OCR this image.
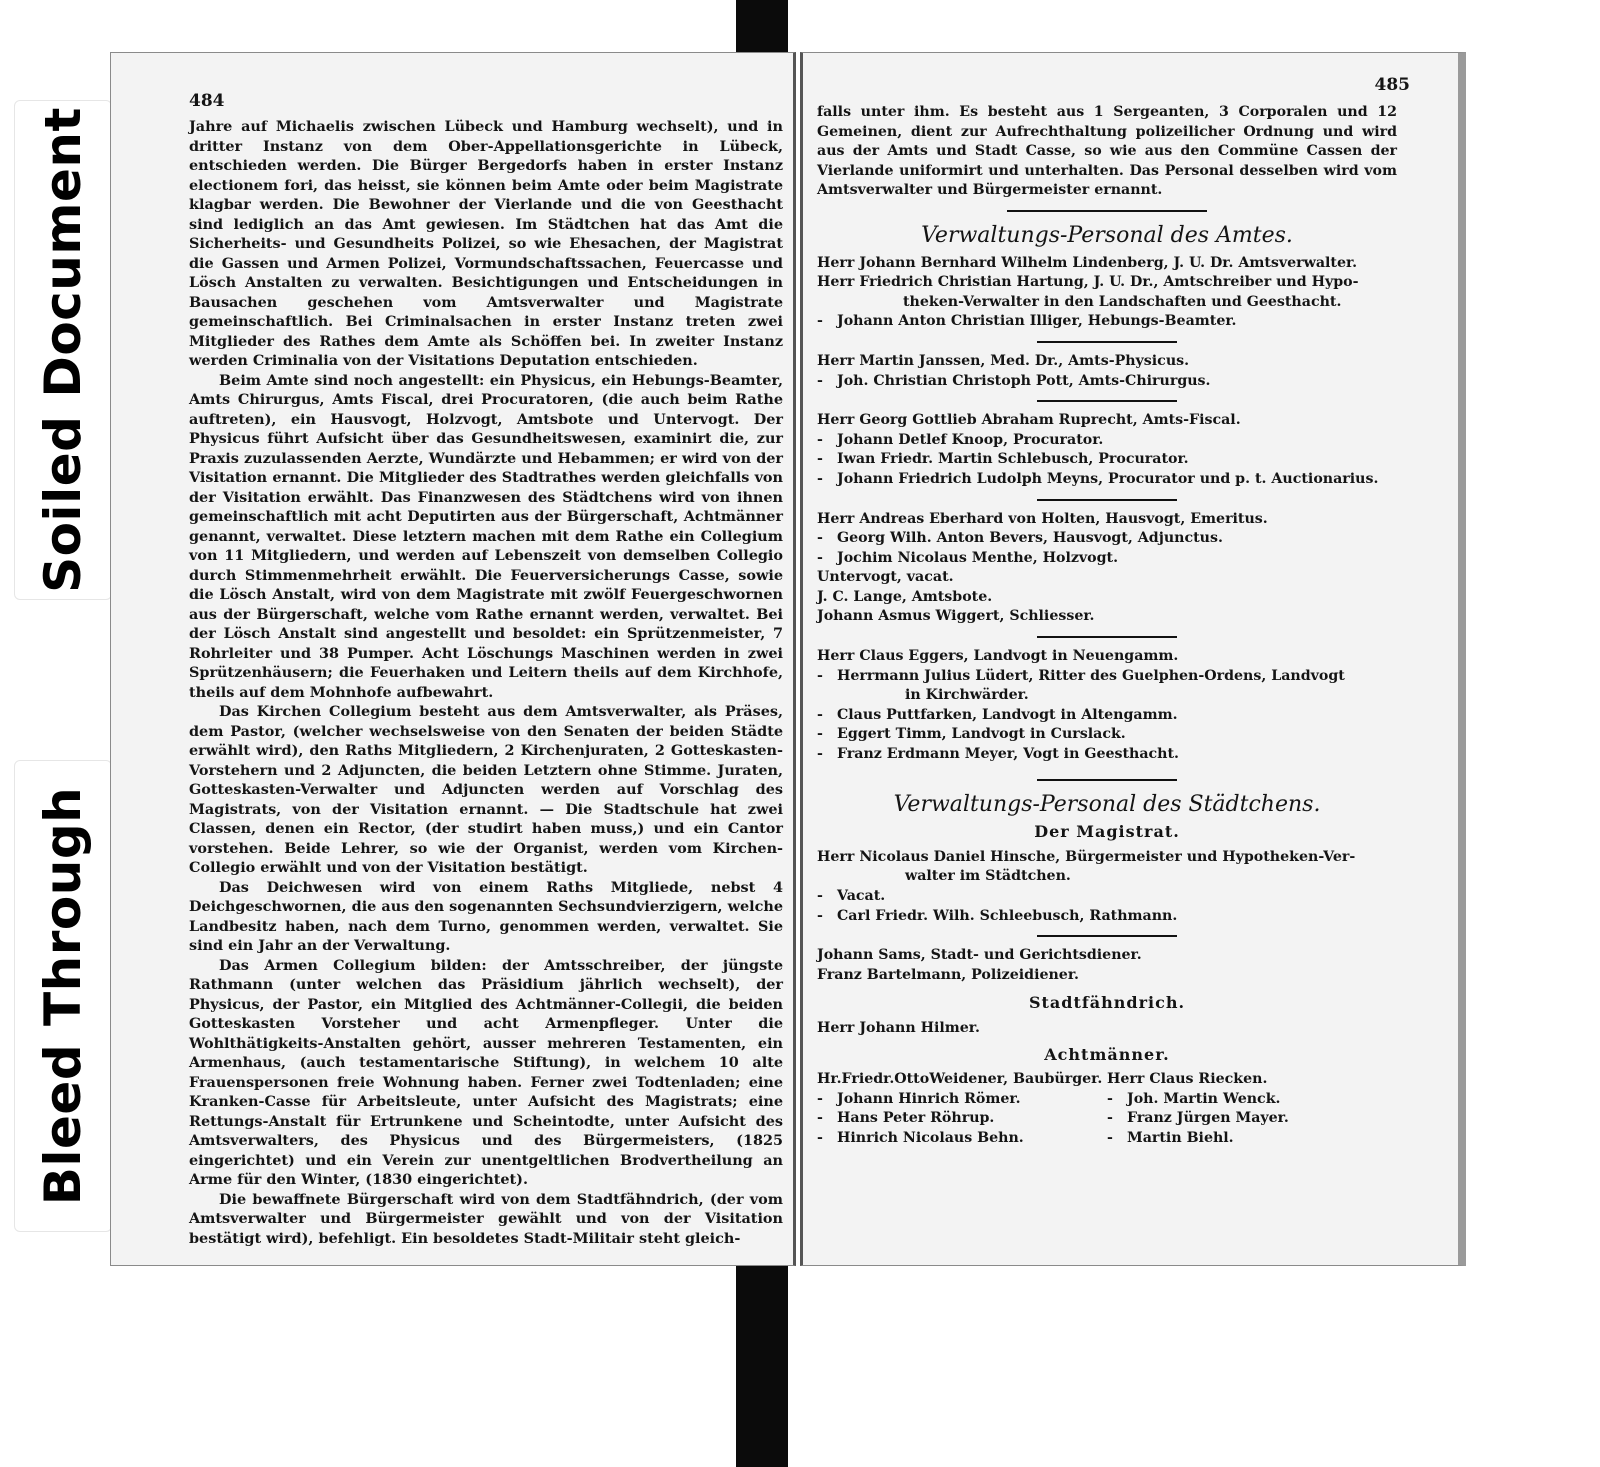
Soiled Document
Bleed Through
484

Jahre auf Michaelis zwischen Lübeck und Hamburg wechselt), und in dritter Instanz von dem Ober-Appellationsgerichte in Lübeck, entschieden werden. Die Bürger Bergedorfs haben in erster Instanz electionem fori, das heisst, sie können beim Amte oder beim Magistrate klagbar werden. Die Bewohner der Vierlande und die von Geesthacht sind lediglich an das Amt gewiesen. Im Städtchen hat das Amt die Sicherheits- und Gesundheits Polizei, so wie Ehesachen, der Magistrat die Gassen und Armen Polizei, Vormundschaftssachen, Feuercasse und Lösch Anstalten zu verwalten. Besichtigungen und Entscheidungen in Bausachen geschehen vom Amtsverwalter und Magistrate gemeinschaftlich. Bei Criminalsachen in erster Instanz treten zwei Mitglieder des Rathes dem Amte als Schöffen bei. In zweiter Instanz werden Criminalia von der Visitations Deputation entschieden.

Beim Amte sind noch angestellt: ein Physicus, ein Hebungs-Beamter, Amts Chirurgus, Amts Fiscal, drei Procuratoren, (die auch beim Rathe auftreten), ein Hausvogt, Holzvogt, Amtsbote und Untervogt. Der Physicus führt Aufsicht über das Gesundheitswesen, examinirt die, zur Praxis zuzulassenden Aerzte, Wundärzte und Hebammen; er wird von der Visitation ernannt. Die Mitglieder des Stadtrathes werden gleichfalls von der Visitation erwählt. Das Finanzwesen des Städtchens wird von ihnen gemeinschaftlich mit acht Deputirten aus der Bürgerschaft, Achtmänner genannt, verwaltet. Diese letztern machen mit dem Rathe ein Collegium von 11 Mitgliedern, und werden auf Lebenszeit von demselben Collegio durch Stimmenmehrheit erwählt. Die Feuerversicherungs Casse, sowie die Lösch Anstalt, wird von dem Magistrate mit zwölf Feuergeschwornen aus der Bürgerschaft, welche vom Rathe ernannt werden, verwaltet. Bei der Lösch Anstalt sind angestellt und besoldet: ein Sprützenmeister, 7 Rohrleiter und 38 Pumper. Acht Löschungs Maschinen werden in zwei Sprützenhäusern; die Feuerhaken und Leitern theils auf dem Kirchhofe, theils auf dem Mohnhofe aufbewahrt.

Das Kirchen Collegium besteht aus dem Amtsverwalter, als Präses, dem Pastor, (welcher wechselsweise von den Senaten der beiden Städte erwählt wird), den Raths Mitgliedern, 2 Kirchenjuraten, 2 Gotteskasten-Vorstehern und 2 Adjuncten, die beiden Letztern ohne Stimme. Juraten, Gotteskasten-Verwalter und Adjuncten werden auf Vorschlag des Magistrats, von der Visitation ernannt. — Die Stadtschule hat zwei Classen, denen ein Rector, (der studirt haben muss,) und ein Cantor vorstehen. Beide Lehrer, so wie der Organist, werden vom Kirchen-Collegio erwählt und von der Visitation bestätigt.

Das Deichwesen wird von einem Raths Mitgliede, nebst 4 Deichgeschwornen, die aus den sogenannten Sechsundvierzigern, welche Landbesitz haben, nach dem Turno, genommen werden, verwaltet. Sie sind ein Jahr an der Verwaltung.

Das Armen Collegium bilden: der Amtsschreiber, der jüngste Rathmann (unter welchen das Präsidium jährlich wechselt), der Physicus, der Pastor, ein Mitglied des Achtmänner-Collegii, die beiden Gotteskasten Vorsteher und acht Armenpfleger. Unter die Wohlthätigkeits-Anstalten gehört, ausser mehreren Testamenten, ein Armenhaus, (auch testamentarische Stiftung), in welchem 10 alte Frauenspersonen freie Wohnung haben. Ferner zwei Todtenladen; eine Kranken-Casse für Arbeitsleute, unter Aufsicht des Magistrats; eine Rettungs-Anstalt für Ertrunkene und Scheintodte, unter Aufsicht des Amtsverwalters, des Physicus und des Bürgermeisters, (1825 eingerichtet) und ein Verein zur unentgeltlichen Brodvertheilung an Arme für den Winter, (1830 eingerichtet).

Die bewaffnete Bürgerschaft wird von dem Stadtfähndrich, (der vom Amtsverwalter und Bürgermeister gewählt und von der Visitation bestätigt wird), befehligt. Ein besoldetes Stadt-Militair steht gleich-

485

falls unter ihm. Es besteht aus 1 Sergeanten, 3 Corporalen und 12 Gemeinen, dient zur Aufrechthaltung polizeilicher Ordnung und wird aus der Amts und Stadt Casse, so wie aus den Commüne Cassen der Vierlande uniformirt und unterhalten. Das Personal desselben wird vom Amtsverwalter und Bürgermeister ernannt.

Verwaltungs-Personal des Amtes.
Herr Johann Bernhard Wilhelm Lindenberg, J. U. Dr. Amtsverwalter.
Herr Friedrich Christian Hartung, J. U. Dr., Amtschreiber und Hypo-
theken-Verwalter in den Landschaften und Geesthacht.
- Johann Anton Christian Illiger, Hebungs-Beamter.
Herr Martin Janssen, Med. Dr., Amts-Physicus.
- Joh. Christian Christoph Pott, Amts-Chirurgus.
Herr Georg Gottlieb Abraham Ruprecht, Amts-Fiscal.
- Johann Detlef Knoop, Procurator.
- Iwan Friedr. Martin Schlebusch, Procurator.
- Johann Friedrich Ludolph Meyns, Procurator und p. t. Auctionarius.
Herr Andreas Eberhard von Holten, Hausvogt, Emeritus.
- Georg Wilh. Anton Bevers, Hausvogt, Adjunctus.
- Jochim Nicolaus Menthe, Holzvogt.
Untervogt, vacat.
J. C. Lange, Amtsbote.
Johann Asmus Wiggert, Schliesser.
Herr Claus Eggers, Landvogt in Neuengamm.
- Herrmann Julius Lüdert, Ritter des Guelphen-Ordens, Landvogt
in Kirchwärder.
- Claus Puttfarken, Landvogt in Altengamm.
- Eggert Timm, Landvogt in Curslack.
- Franz Erdmann Meyer, Vogt in Geesthacht.
Verwaltungs-Personal des Städtchens.
Der Magistrat.
Herr Nicolaus Daniel Hinsche, Bürgermeister und Hypotheken-Ver-
walter im Städtchen.
- Vacat.
- Carl Friedr. Wilh. Schleebusch, Rathmann.
Johann Sams, Stadt- und Gerichtsdiener.
Franz Bartelmann, Polizeidiener.
Stadtfähndrich.
Herr Johann Hilmer.
Achtmänner.
Hr.Friedr.OttoWeidener, Baubürger.
- Johann Hinrich Römer.
- Hans Peter Röhrup.
- Hinrich Nicolaus Behn.
Herr Claus Riecken.
- Joh. Martin Wenck.
- Franz Jürgen Mayer.
- Martin Biehl.
